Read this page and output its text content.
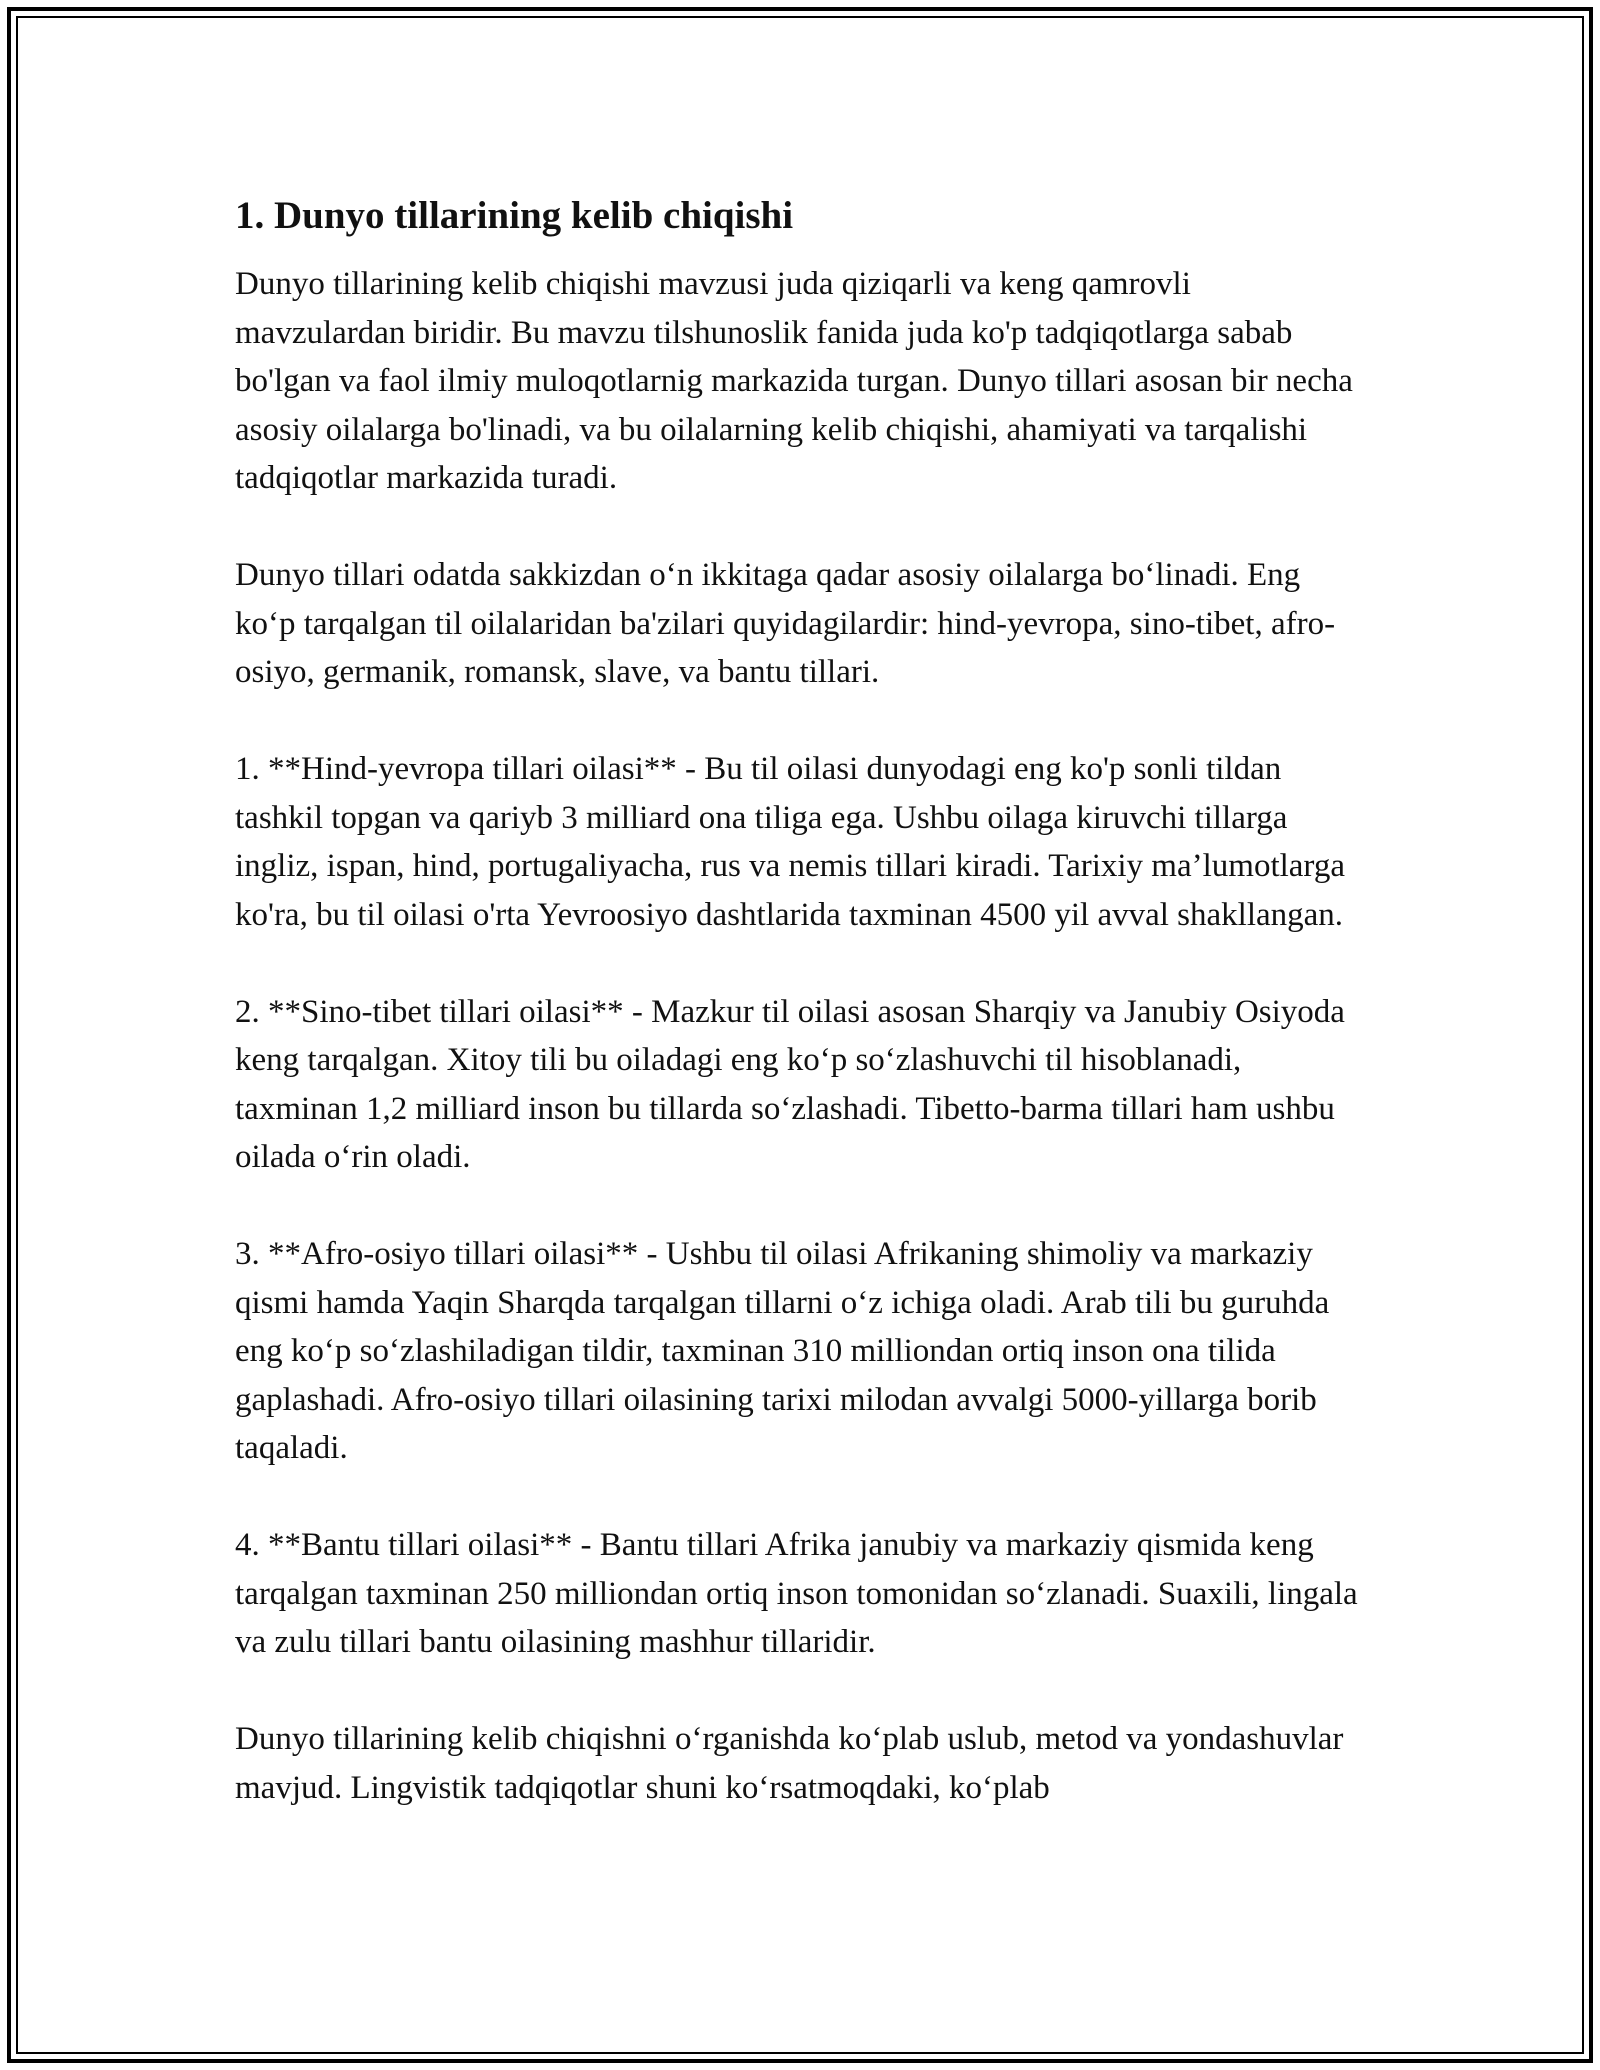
1. Dunyo tillarining kelib chiqishi

Dunyo tillarining kelib chiqishi mavzusi juda qiziqarli va keng qamrovli mavzulardan biridir. Bu mavzu tilshunoslik fanida juda ko'p tadqiqotlarga sabab bo'lgan va faol ilmiy muloqotlarnig markazida turgan. Dunyo tillari asosan bir necha asosiy oilalarga bo'linadi, va bu oilalarning kelib chiqishi, ahamiyati va tarqalishi tadqiqotlar markazida turadi.

Dunyo tillari odatda sakkizdan o‘n ikkitaga qadar asosiy oilalarga bo‘linadi. Eng ko‘p tarqalgan til oilalaridan ba'zilari quyidagilardir: hind-yevropa, sino-tibet, afro-osiyo, germanik, romansk, slave, va bantu tillari.

1. **Hind-yevropa tillari oilasi** - Bu til oilasi dunyodagi eng ko'p sonli tildan tashkil topgan va qariyb 3 milliard ona tiliga ega. Ushbu oilaga kiruvchi tillarga ingliz, ispan, hind, portugaliyacha, rus va nemis tillari kiradi. Tarixiy ma’lumotlarga ko'ra, bu til oilasi o'rta Yevroosiyo dashtlarida taxminan 4500 yil avval shakllangan.

2. **Sino-tibet tillari oilasi** - Mazkur til oilasi asosan Sharqiy va Janubiy Osiyoda keng tarqalgan. Xitoy tili bu oiladagi eng ko‘p so‘zlashuvchi til hisoblanadi, taxminan 1,2 milliard inson bu tillarda so‘zlashadi. Tibetto-barma tillari ham ushbu oilada o‘rin oladi.

3. **Afro-osiyo tillari oilasi** - Ushbu til oilasi Afrikaning shimoliy va markaziy qismi hamda Yaqin Sharqda tarqalgan tillarni o‘z ichiga oladi. Arab tili bu guruhda eng ko‘p so‘zlashiladigan tildir, taxminan 310 milliondan ortiq inson ona tilida gaplashadi. Afro-osiyo tillari oilasining tarixi milodan avvalgi 5000-yillarga borib taqaladi.

4. **Bantu tillari oilasi** - Bantu tillari Afrika janubiy va markaziy qismida keng tarqalgan taxminan 250 milliondan ortiq inson tomonidan so‘zlanadi. Suaxili, lingala va zulu tillari bantu oilasining mashhur tillaridir.

Dunyo tillarining kelib chiqishni o‘rganishda ko‘plab uslub, metod va yondashuvlar mavjud. Lingvistik tadqiqotlar shuni ko‘rsatmoqdaki, ko‘plab
